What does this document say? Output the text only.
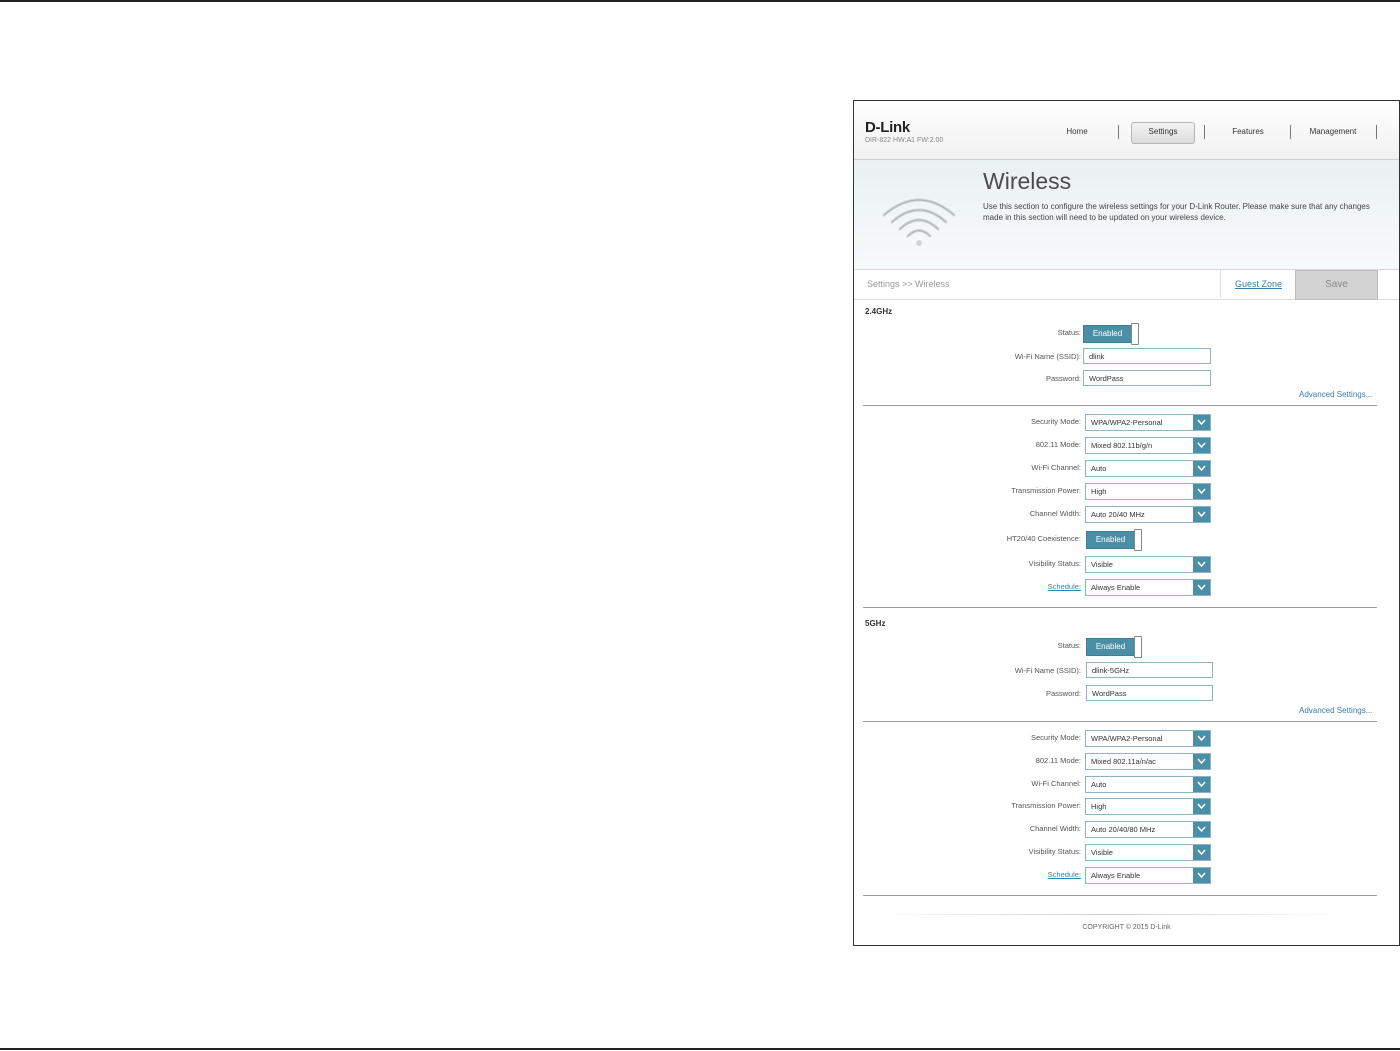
D-Link
DIR-822 HW:A1 FW:2.00
Home	Settings	Features	Management
Wireless
Use this section to configure the wireless settings for your D-Link Router. Please make sure that any changes made in this section will need to be updated on your wireless device.
Settings >> Wireless	Guest Zone	Save
2.4GHz
Status:	Enabled
Wi-Fi Name (SSID):	dlink
Password:	WordPass
Advanced Settings...
Security Mode: WPA/WPA2-Personal
802.11 Mode: Mixed 802.11b/g/n
Wi-Fi Channel: Auto
Transmission Power: High
Channel Width: Auto 20/40 MHz
HT20/40 Coexistence:	Enabled
Visibility Status: Visible
Schedule: Always Enable
5GHz
Status:	Enabled
Wi-Fi Name (SSID):	dlink-5GHz
Password:	WordPass
Advanced Settings...
Security Mode: WPA/WPA2-Personal
802.11 Mode: Mixed 802.11a/n/ac
Wi-Fi Channel: Auto
Transmission Power: High
Channel Width: Auto 20/40/80 MHz
Visibility Status: Visible
Schedule: Always Enable
COPYRIGHT © 2015 D-Link
